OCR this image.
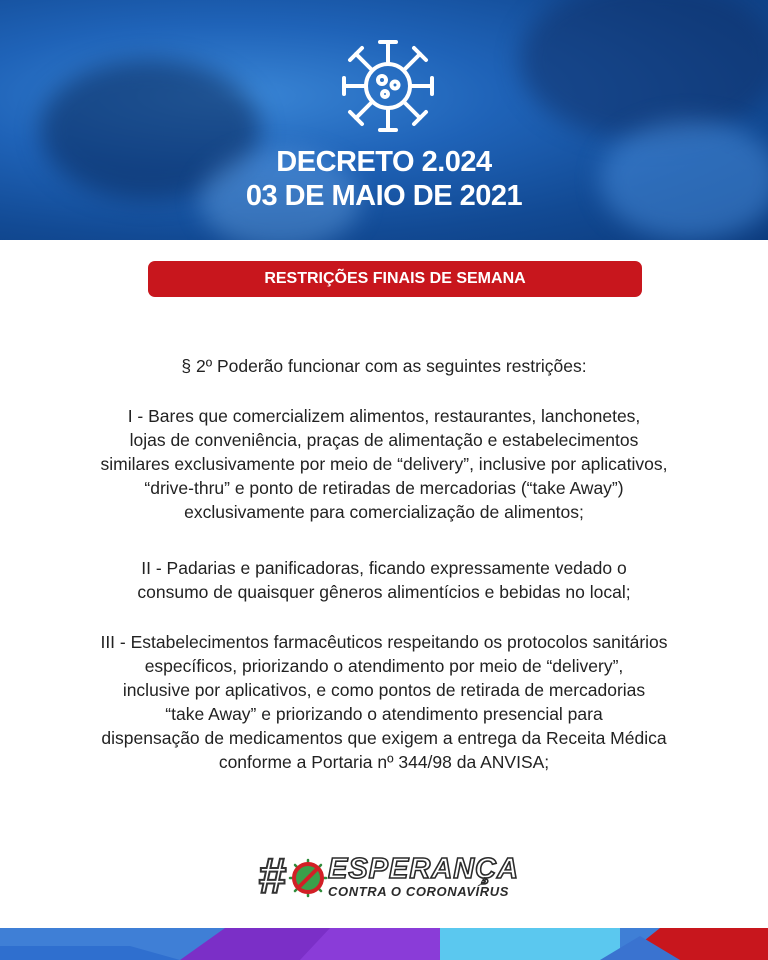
DECRETO 2.024
03 DE MAIO DE 2021
RESTRIÇÕES FINAIS DE SEMANA
§ 2º Poderão funcionar com as seguintes restrições:
I - Bares que comercializem alimentos, restaurantes, lanchonetes,
lojas de conveniência, praças de alimentação e estabelecimentos
similares exclusivamente por meio de “delivery”, inclusive por aplicativos,
“drive-thru” e ponto de retiradas de mercadorias (“take Away”)
exclusivamente para comercialização de alimentos;
II - Padarias e panificadoras, ficando expressamente vedado o
consumo de quaisquer gêneros alimentícios e bebidas no local;
III - Estabelecimentos farmacêuticos respeitando os protocolos sanitários
específicos, priorizando o atendimento por meio de “delivery”,
inclusive por aplicativos, e como pontos de retirada de mercadorias
“take Away” e priorizando o atendimento presencial para
dispensação de medicamentos que exigem a entrega da Receita Médica
conforme a Portaria nº 344/98 da ANVISA;
# ESPERANÇA
CONTRA O CORONAVÍRUS
